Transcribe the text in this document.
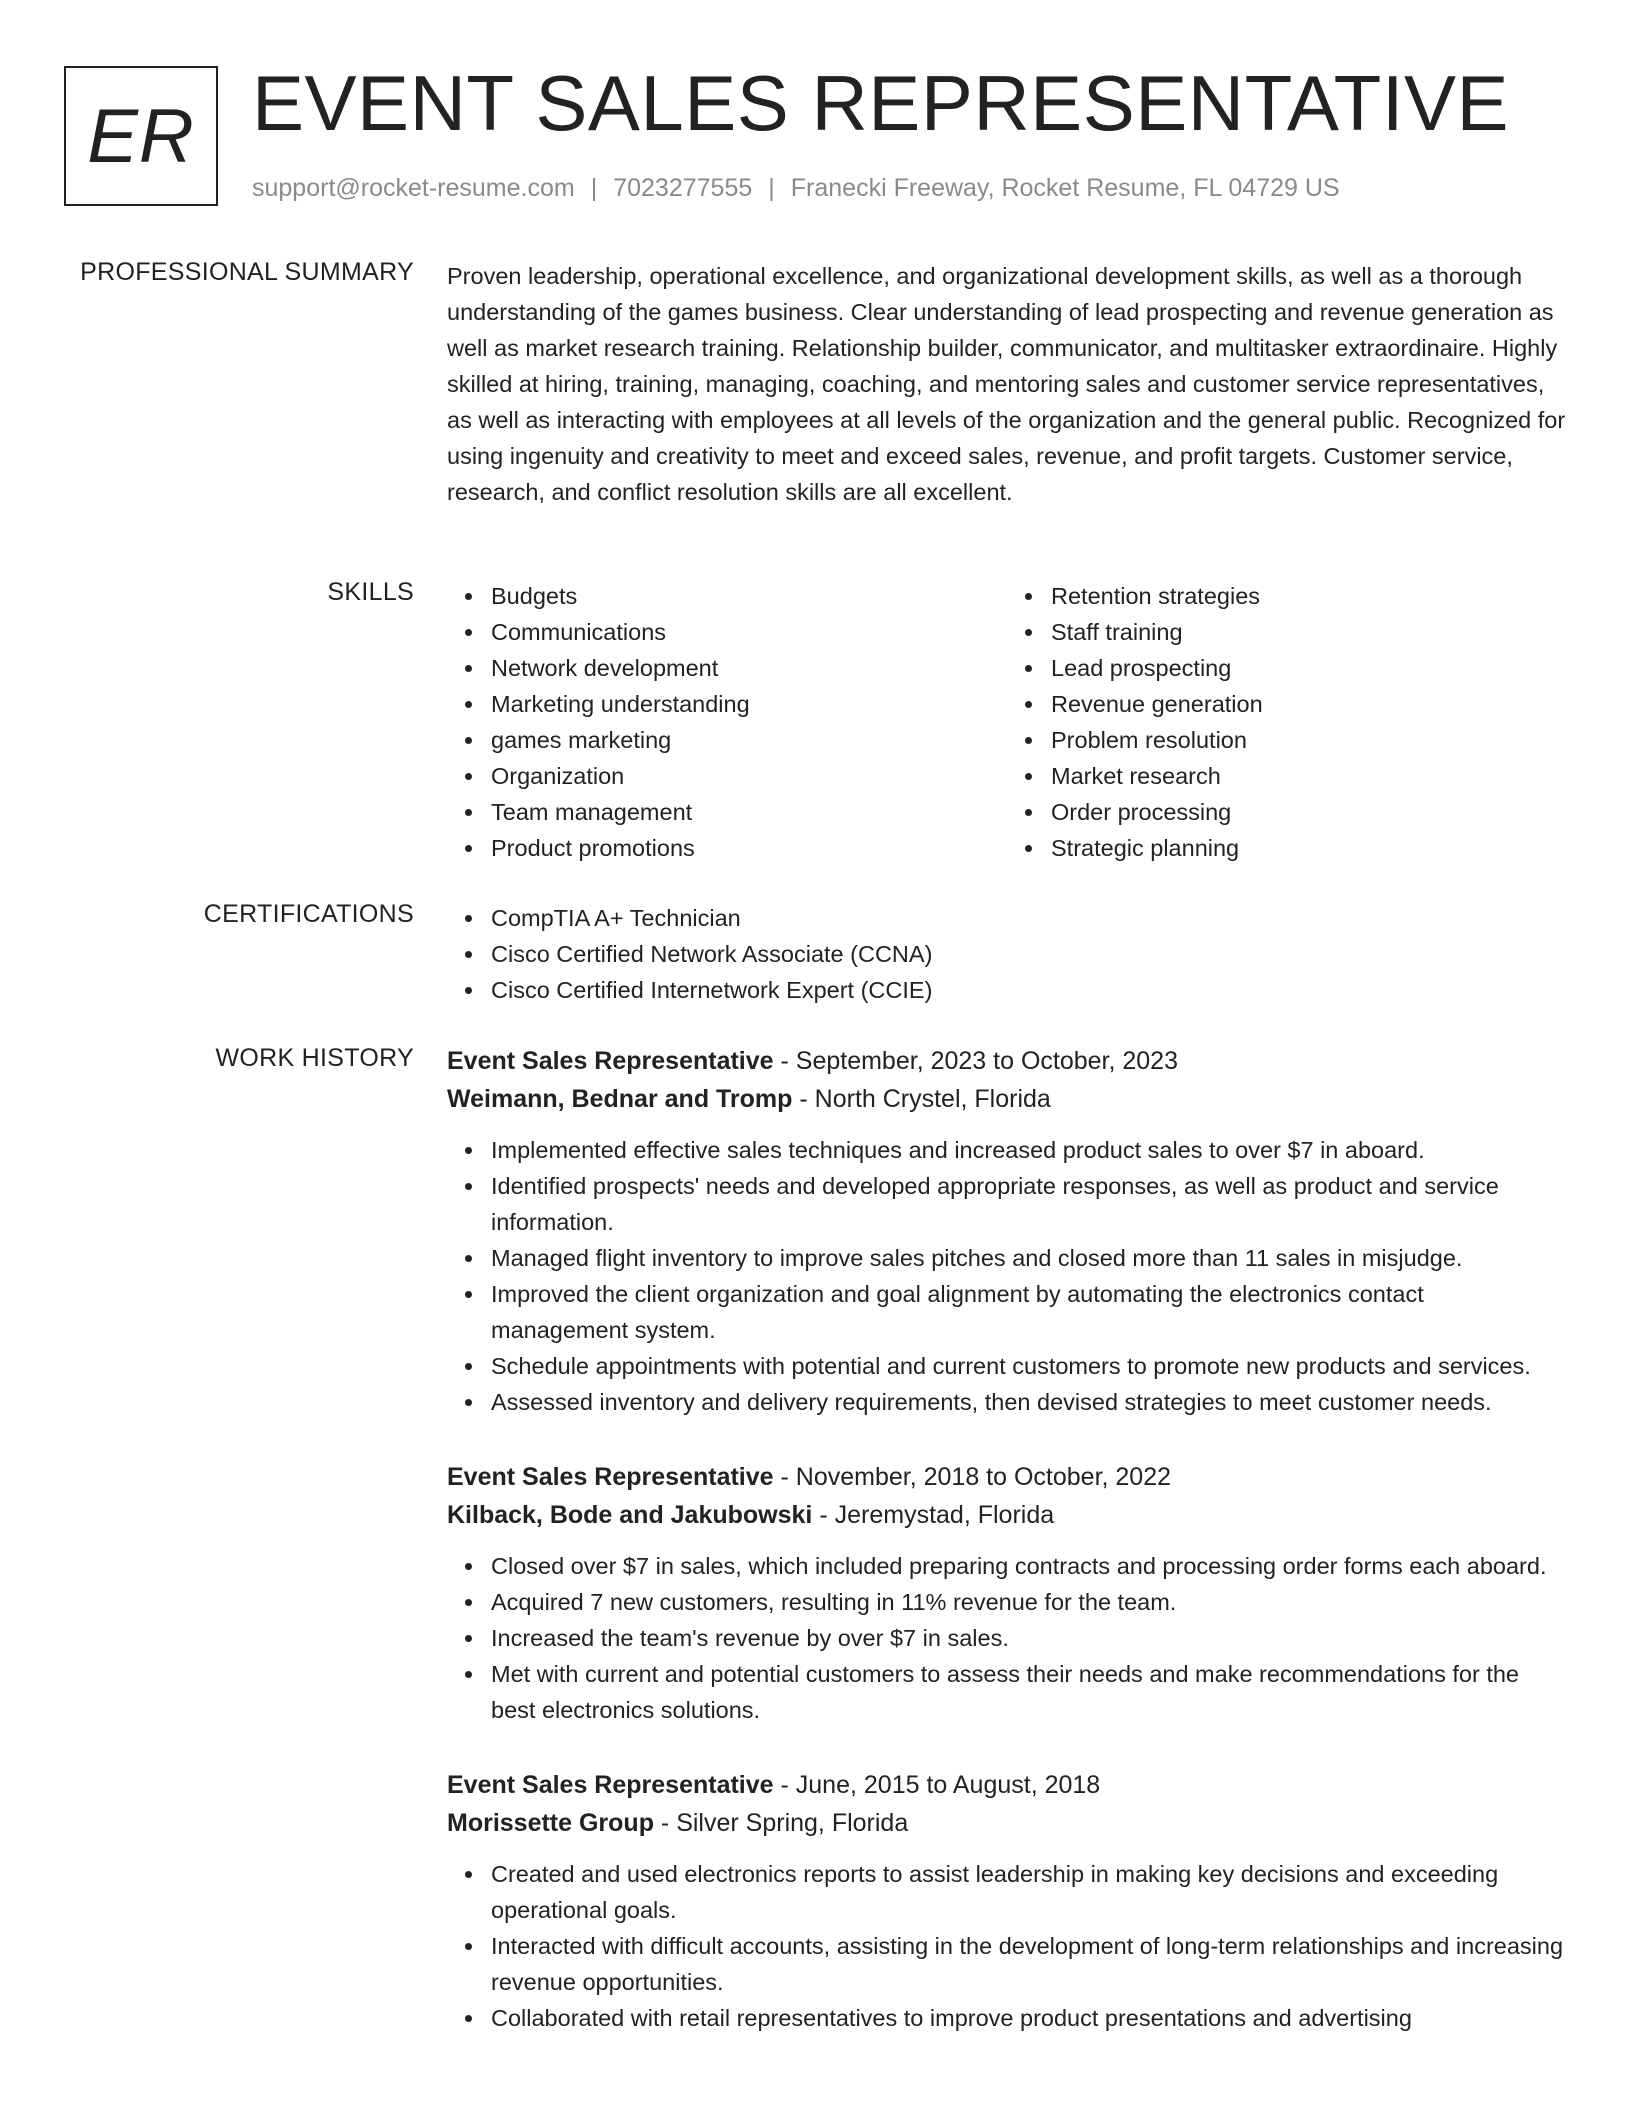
ER EVENT SALES REPRESENTATIVE
support@rocket-resume.com | 7023277555 | Franecki Freeway, Rocket Resume, FL 04729 US
PROFESSIONAL SUMMARY Proven leadership, operational excellence, and organizational development skills, as well as a thorough understanding of the games business. Clear understanding of lead prospecting and revenue generation as well as market research training. Relationship builder, communicator, and multitasker extraordinaire. Highly skilled at hiring, training, managing, coaching, and mentoring sales and customer service representatives, as well as interacting with employees at all levels of the organization and the general public. Recognized for using ingenuity and creativity to meet and exceed sales, revenue, and profit targets. Customer service, research, and conflict resolution skills are all excellent.

SKILLS	Budgets
Communications
Network development
Marketing understanding
games marketing
Organization
Team management
Product promotions
Retention strategies
Staff training
Lead prospecting
Revenue generation
Problem resolution
Market research
Order processing
Strategic planning
CERTIFICATIONS	CompTIA A+ Technician
Cisco Certified Network Associate (CCNA)
Cisco Certified Internetwork Expert (CCIE)
WORK HISTORY Event Sales Representative - September, 2023 to October, 2023
Weimann, Bednar and Tromp - North Crystel, Florida
Implemented effective sales techniques and increased product sales to over $7 in aboard.
Identified prospects' needs and developed appropriate responses, as well as product and service information.
Managed flight inventory to improve sales pitches and closed more than 11 sales in misjudge.
Improved the client organization and goal alignment by automating the electronics contact management system.
Schedule appointments with potential and current customers to promote new products and services.
Assessed inventory and delivery requirements, then devised strategies to meet customer needs.
Event Sales Representative - November, 2018 to October, 2022
Kilback, Bode and Jakubowski - Jeremystad, Florida
Closed over $7 in sales, which included preparing contracts and processing order forms each aboard.
Acquired 7 new customers, resulting in 11% revenue for the team.
Increased the team's revenue by over $7 in sales.
Met with current and potential customers to assess their needs and make recommendations for the best electronics solutions.
Event Sales Representative - June, 2015 to August, 2018
Morissette Group - Silver Spring, Florida
Created and used electronics reports to assist leadership in making key decisions and exceeding operational goals.
Interacted with difficult accounts, assisting in the development of long-term relationships and increasing revenue opportunities.
Collaborated with retail representatives to improve product presentations and advertising
